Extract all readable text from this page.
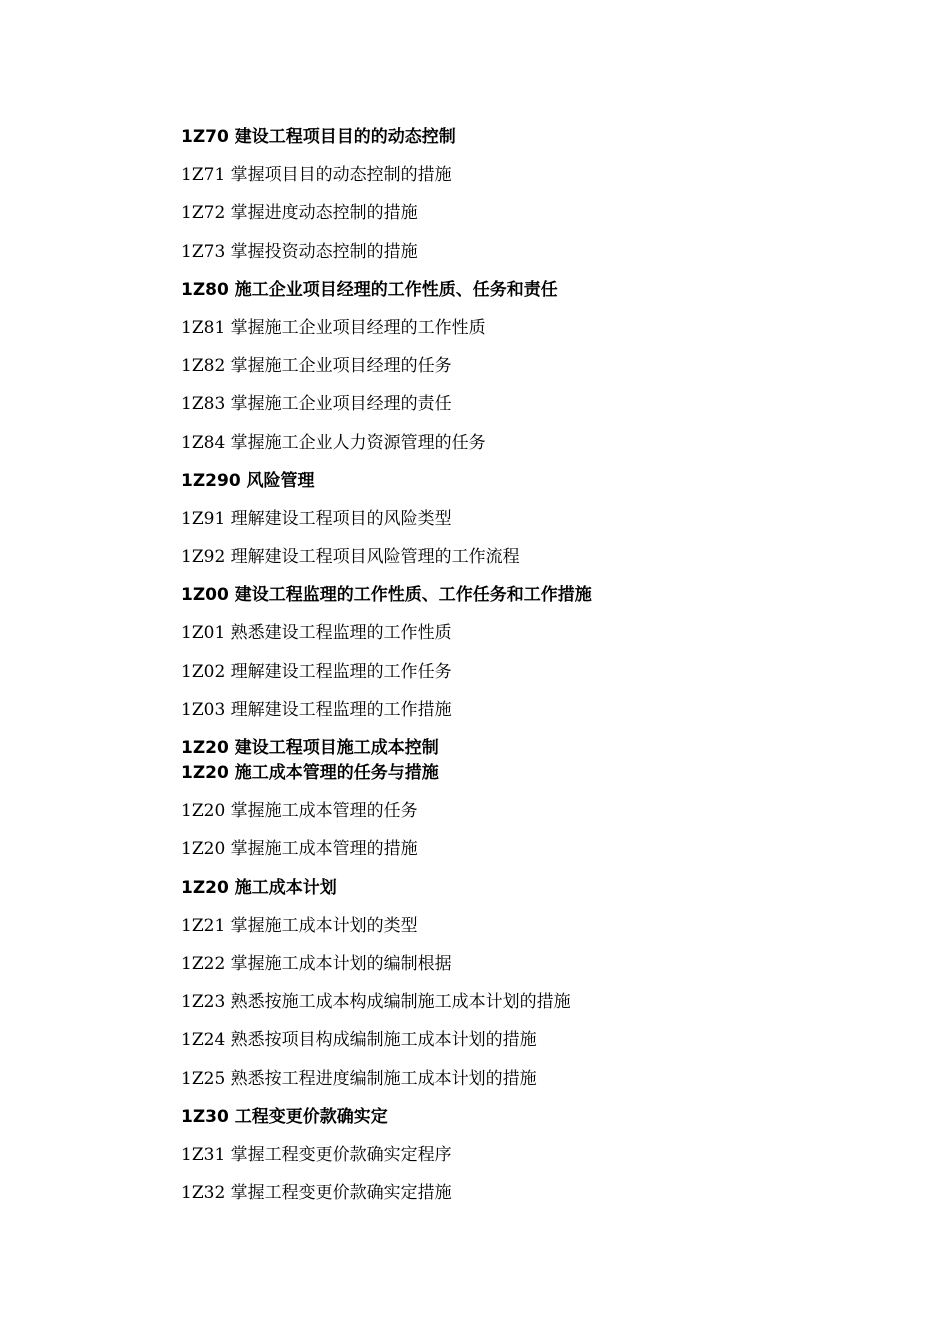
1Z70 建设工程项目目的的动态控制
1Z71 掌握项目目的动态控制的措施
1Z72 掌握进度动态控制的措施
1Z73 掌握投资动态控制的措施
1Z80 施工企业项目经理的工作性质、任务和责任
1Z81 掌握施工企业项目经理的工作性质
1Z82 掌握施工企业项目经理的任务
1Z83 掌握施工企业项目经理的责任
1Z84 掌握施工企业人力资源管理的任务
1Z290 风险管理
1Z91 理解建设工程项目的风险类型
1Z92 理解建设工程项目风险管理的工作流程
1Z00 建设工程监理的工作性质、工作任务和工作措施
1Z01 熟悉建设工程监理的工作性质
1Z02 理解建设工程监理的工作任务
1Z03 理解建设工程监理的工作措施
1Z20 建设工程项目施工成本控制
1Z20 施工成本管理的任务与措施
1Z20 掌握施工成本管理的任务
1Z20 掌握施工成本管理的措施
1Z20 施工成本计划
1Z21 掌握施工成本计划的类型
1Z22 掌握施工成本计划的编制根据
1Z23 熟悉按施工成本构成编制施工成本计划的措施
1Z24 熟悉按项目构成编制施工成本计划的措施
1Z25 熟悉按工程进度编制施工成本计划的措施
1Z30 工程变更价款确实定
1Z31 掌握工程变更价款确实定程序
1Z32 掌握工程变更价款确实定措施
